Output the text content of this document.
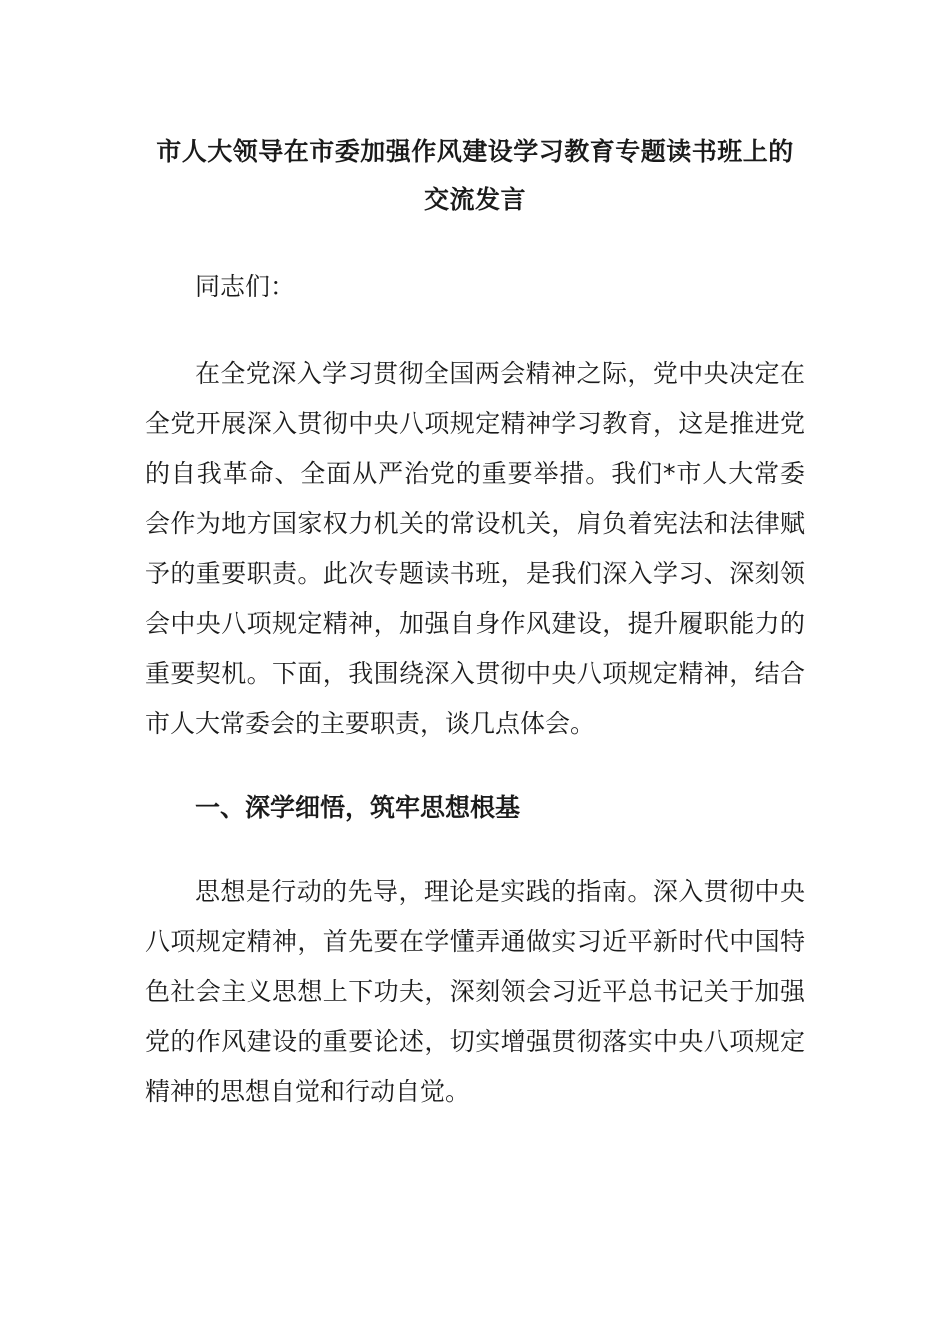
市人大领导在市委加强作风建设学习教育专题读书班上的交流发言

同志们：

在全党深入学习贯彻全国两会精神之际，党中央决定在全党开展深入贯彻中央八项规定精神学习教育，这是推进党的自我革命、全面从严治党的重要举措。我们*市人大常委会作为地方国家权力机关的常设机关，肩负着宪法和法律赋予的重要职责。此次专题读书班，是我们深入学习、深刻领会中央八项规定精神，加强自身作风建设，提升履职能力的重要契机。下面，我围绕深入贯彻中央八项规定精神，结合市人大常委会的主要职责，谈几点体会。

一、深学细悟，筑牢思想根基

思想是行动的先导，理论是实践的指南。深入贯彻中央八项规定精神，首先要在学懂弄通做实习近平新时代中国特色社会主义思想上下功夫，深刻领会习近平总书记关于加强党的作风建设的重要论述，切实增强贯彻落实中央八项规定精神的思想自觉和行动自觉。
